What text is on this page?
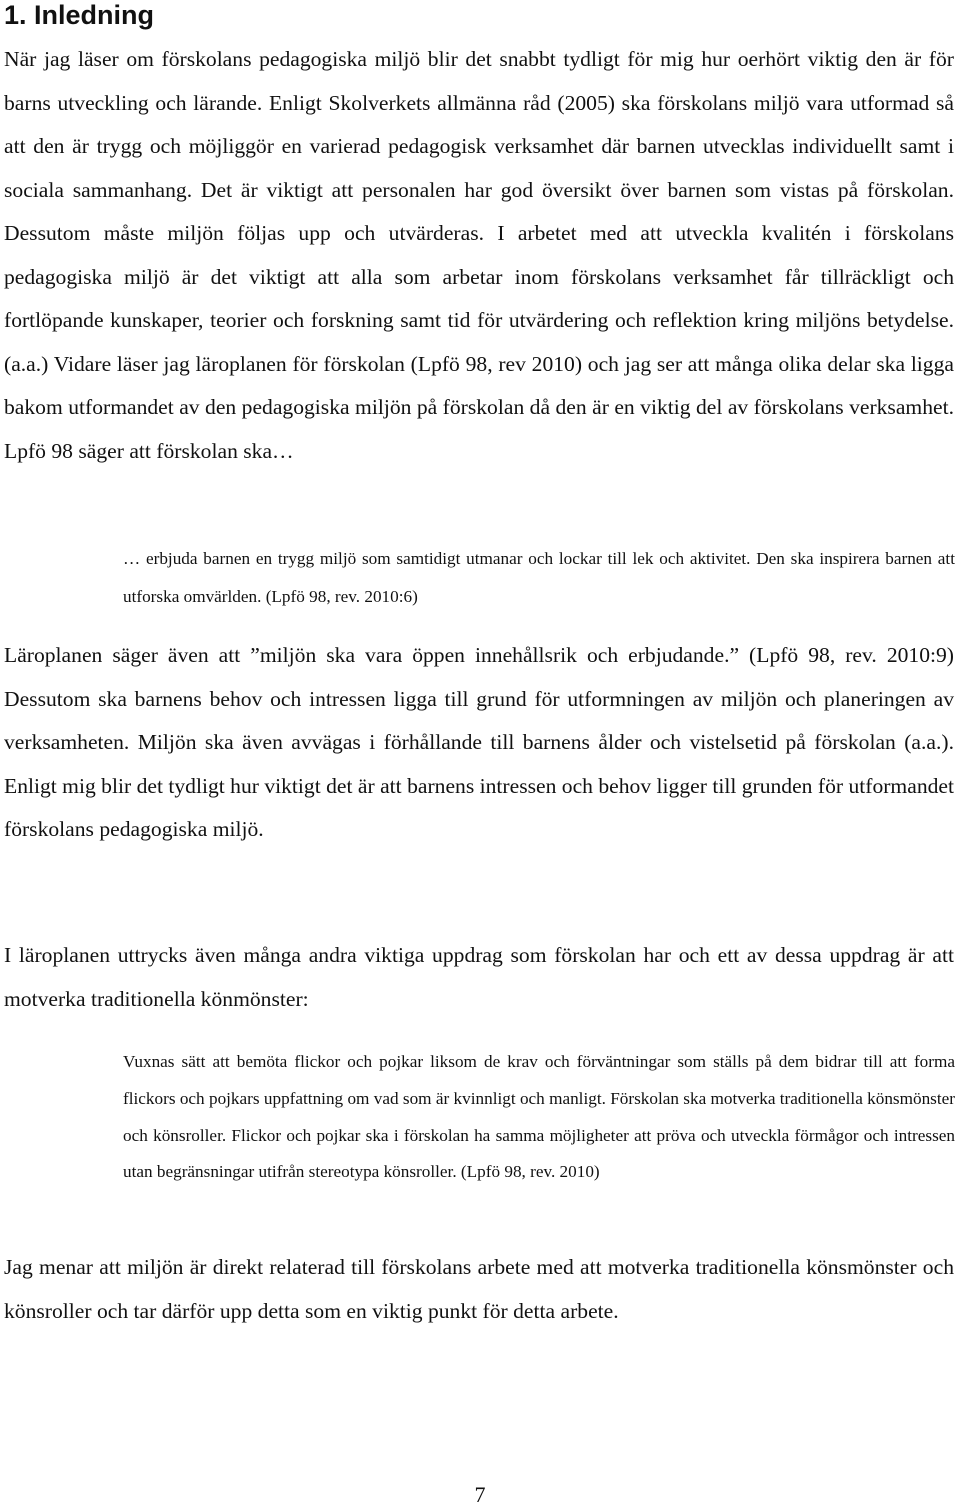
1. Inledning

När jag läser om förskolans pedagogiska miljö blir det snabbt tydligt för mig hur oerhört viktig den är för barns utveckling och lärande. Enligt Skolverkets allmänna råd (2005) ska förskolans miljö vara utformad så att den är trygg och möjliggör en varierad pedagogisk verksamhet där barnen utvecklas individuellt samt i sociala sammanhang. Det är viktigt att personalen har god översikt över barnen som vistas på förskolan. Dessutom måste miljön följas upp och utvärderas. I arbetet med att utveckla kvalitén i förskolans pedagogiska miljö är det viktigt att alla som arbetar inom förskolans verksamhet får tillräckligt och fortlöpande kunskaper, teorier och forskning samt tid för utvärdering och reflektion kring miljöns betydelse. (a.a.) Vidare läser jag läroplanen för förskolan (Lpfö 98, rev 2010) och jag ser att många olika delar ska ligga bakom utformandet av den pedagogiska miljön på förskolan då den är en viktig del av förskolans verksamhet. Lpfö 98 säger att förskolan ska…

… erbjuda barnen en trygg miljö som samtidigt utmanar och lockar till lek och aktivitet. Den ska inspirera barnen att utforska omvärlden. (Lpfö 98, rev. 2010:6)

Läroplanen säger även att ”miljön ska vara öppen innehållsrik och erbjudande.” (Lpfö 98, rev. 2010:9) Dessutom ska barnens behov och intressen ligga till grund för utformningen av miljön och planeringen av verksamheten. Miljön ska även avvägas i förhållande till barnens ålder och vistelsetid på förskolan (a.a.). Enligt mig blir det tydligt hur viktigt det är att barnens intressen och behov ligger till grunden för utformandet förskolans pedagogiska miljö.

I läroplanen uttrycks även många andra viktiga uppdrag som förskolan har och ett av dessa uppdrag är att motverka traditionella könmönster:

Vuxnas sätt att bemöta flickor och pojkar liksom de krav och förväntningar som ställs på dem bidrar till att forma flickors och pojkars uppfattning om vad som är kvinnligt och manligt. Förskolan ska motverka traditionella könsmönster och könsroller. Flickor och pojkar ska i förskolan ha samma möjligheter att pröva och utveckla förmågor och intressen utan begränsningar utifrån stereotypa könsroller. (Lpfö 98, rev. 2010)

Jag menar att miljön är direkt relaterad till förskolans arbete med att motverka traditionella könsmönster och könsroller och tar därför upp detta som en viktig punkt för detta arbete.

7
